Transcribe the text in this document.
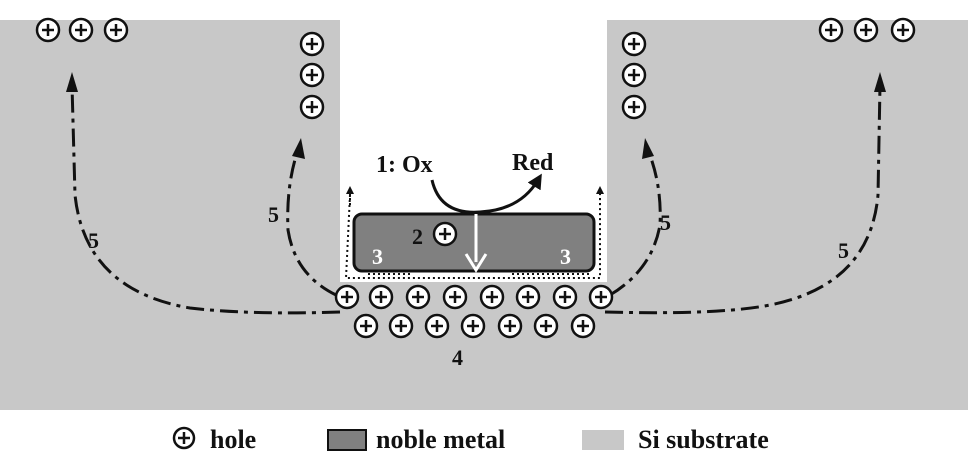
1: Ox	Red
2
3	3
4
5
5	5
5
hole	noble metal	Si substrate
